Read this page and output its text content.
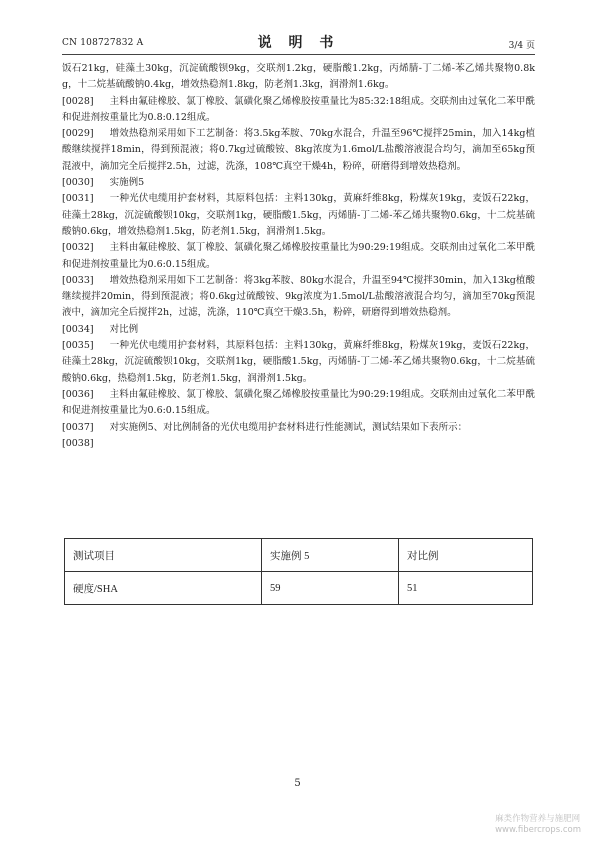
CN 108727832 A	说 明 书	3/4 页

饭石21kg，硅藻土30kg，沉淀硫酸钡9kg，交联剂1.2kg，硬脂酸1.2kg，丙烯腈-丁二烯-苯乙烯共聚物0.8kg，十二烷基硫酸钠0.4kg，增效热稳剂1.8kg，防老剂1.3kg，润滑剂1.6kg。

[0028] 主料由氟硅橡胶、氯丁橡胶、氯磺化聚乙烯橡胶按重量比为85:32:18组成。交联剂由过氧化二苯甲酰和促进剂按重量比为0.8:0.12组成。

[0029] 增效热稳剂采用如下工艺制备：将3.5kg苯胺、70kg水混合，升温至96℃搅拌25min，加入14kg植酸继续搅拌18min，得到预混液；将0.7kg过硫酸铵、8kg浓度为1.6mol/L盐酸溶液混合均匀，滴加至65kg预混液中，滴加完全后搅拌2.5h，过滤，洗涤，108℃真空干燥4h，粉碎，研磨得到增效热稳剂。

[0030] 实施例5

[0031] 一种光伏电缆用护套材料，其原料包括：主料130kg，黄麻纤维8kg，粉煤灰19kg，麦饭石22kg，硅藻土28kg，沉淀硫酸钡10kg，交联剂1kg，硬脂酸1.5kg，丙烯腈-丁二烯-苯乙烯共聚物0.6kg，十二烷基硫酸钠0.6kg，增效热稳剂1.5kg，防老剂1.5kg，润滑剂1.5kg。

[0032] 主料由氟硅橡胶、氯丁橡胶、氯磺化聚乙烯橡胶按重量比为90:29:19组成。交联剂由过氧化二苯甲酰和促进剂按重量比为0.6:0.15组成。

[0033] 增效热稳剂采用如下工艺制备：将3kg苯胺、80kg水混合，升温至94℃搅拌30min，加入13kg植酸继续搅拌20min，得到预混液；将0.6kg过硫酸铵、9kg浓度为1.5mol/L盐酸溶液混合均匀，滴加至70kg预混液中，滴加完全后搅拌2h，过滤，洗涤，110℃真空干燥3.5h，粉碎，研磨得到增效热稳剂。

[0034] 对比例

[0035] 一种光伏电缆用护套材料，其原料包括：主料130kg，黄麻纤维8kg，粉煤灰19kg，麦饭石22kg，硅藻土28kg，沉淀硫酸钡10kg，交联剂1kg，硬脂酸1.5kg，丙烯腈-丁二烯-苯乙烯共聚物0.6kg，十二烷基硫酸钠0.6kg，热稳剂1.5kg，防老剂1.5kg，润滑剂1.5kg。

[0036] 主料由氟硅橡胶、氯丁橡胶、氯磺化聚乙烯橡胶按重量比为90:29:19组成。交联剂由过氧化二苯甲酰和促进剂按重量比为0.6:0.15组成。

[0037] 对实施例5、对比例制备的光伏电缆用护套材料进行性能测试，测试结果如下表所示：

[0038]

测试项目	实施例 5	对比例
硬度/SHA	59	51
5
麻类作物营养与施肥网
www.fibercrops.com
